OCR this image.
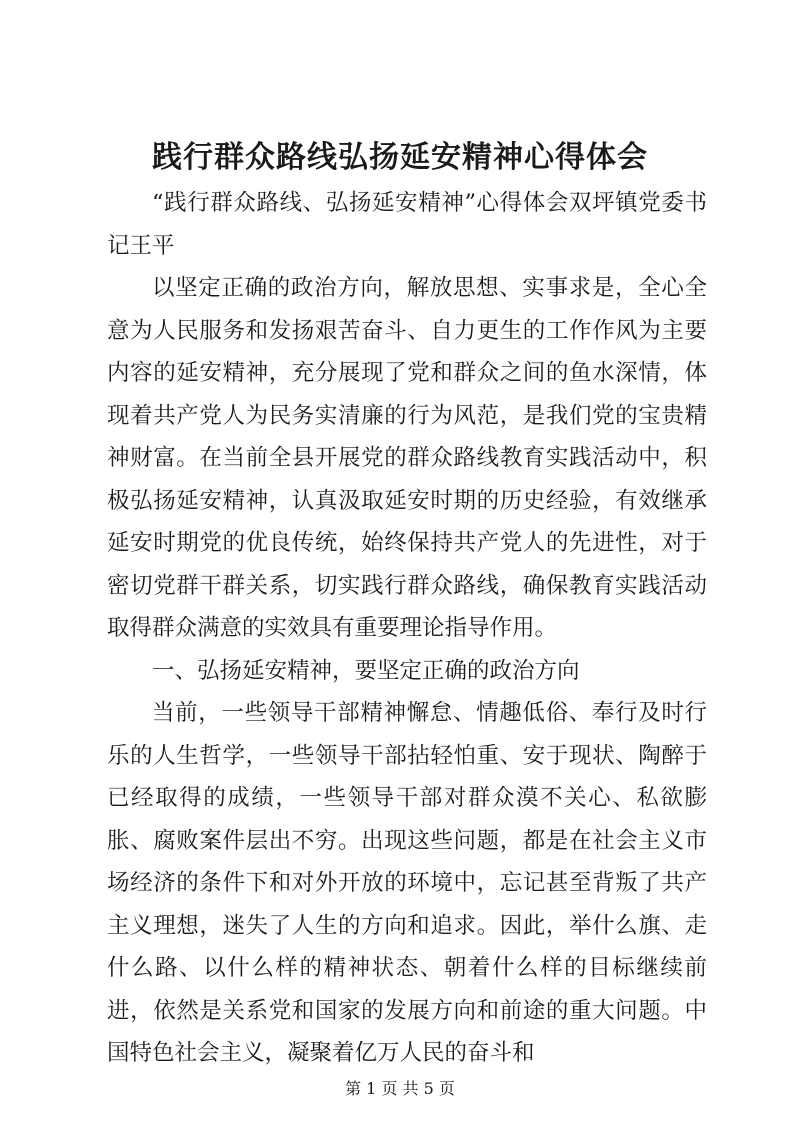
践行群众路线弘扬延安精神心得体会

“践行群众路线、弘扬延安精神”心得体会双坪镇党委书记王平

以坚定正确的政治方向，解放思想、实事求是，全心全意为人民服务和发扬艰苦奋斗、自力更生的工作作风为主要内容的延安精神，充分展现了党和群众之间的鱼水深情，体现着共产党人为民务实清廉的行为风范，是我们党的宝贵精神财富。在当前全县开展党的群众路线教育实践活动中，积极弘扬延安精神，认真汲取延安时期的历史经验，有效继承延安时期党的优良传统，始终保持共产党人的先进性，对于密切党群干群关系，切实践行群众路线，确保教育实践活动取得群众满意的实效具有重要理论指导作用。

一、弘扬延安精神，要坚定正确的政治方向

当前，一些领导干部精神懈怠、情趣低俗、奉行及时行乐的人生哲学，一些领导干部拈轻怕重、安于现状、陶醉于已经取得的成绩，一些领导干部对群众漠不关心、私欲膨胀、腐败案件层出不穷。出现这些问题，都是在社会主义市场经济的条件下和对外开放的环境中，忘记甚至背叛了共产主义理想，迷失了人生的方向和追求。因此，举什么旗、走什么路、以什么样的精神状态、朝着什么样的目标继续前进，依然是关系党和国家的发展方向和前途的重大问题。中国特色社会主义，凝聚着亿万人民的奋斗和

第 1 页 共 5 页
